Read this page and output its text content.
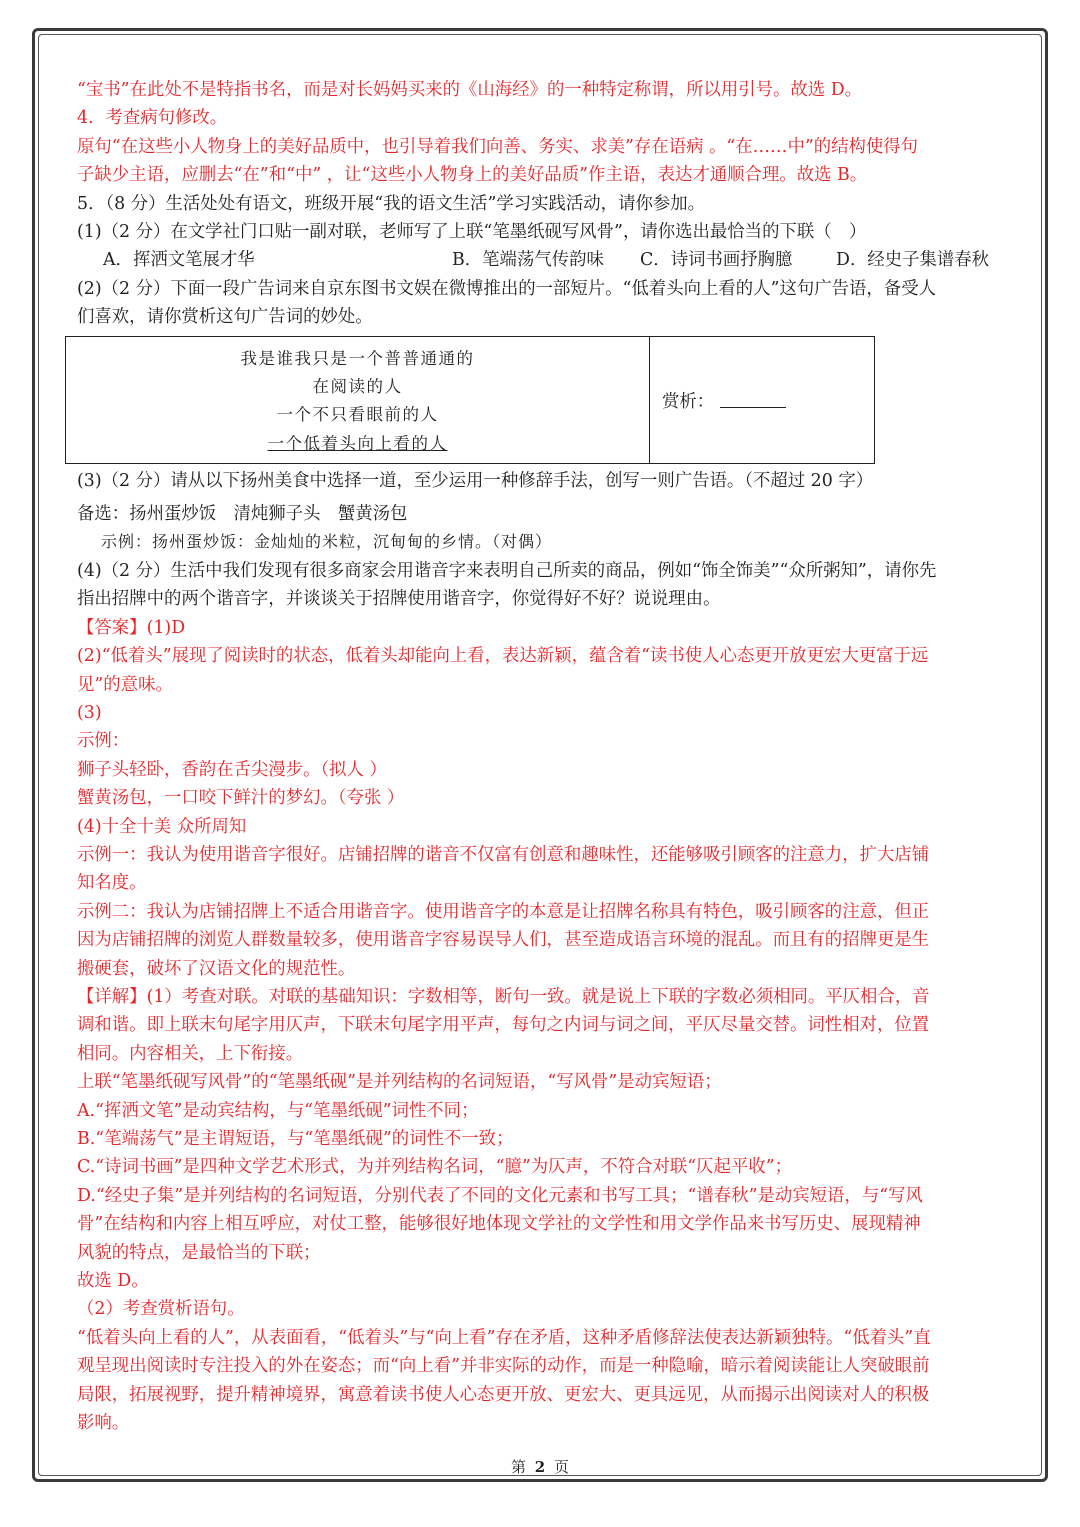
“宝书”在此处不是特指书名，而是对长妈妈买来的《山海经》的一种特定称谓，所以用引号。故选 D。
4．考查病句修改。
原句“在这些小人物身上的美好品质中，也引导着我们向善、务实、求美”存在语病 。“在……中”的结构使得句
子缺少主语，应删去“在”和“中” ，让“这些小人物身上的美好品质”作主语，表达才通顺合理。故选 B。
5．（8 分）生活处处有语文，班级开展“我的语文生活”学习实践活动，请你参加。
(1)（2 分）在文学社门口贴一副对联，老师写了上联“笔墨纸砚写风骨”，请你选出最恰当的下联（　）
A．挥洒文笔展才华	B．笔端荡气传韵味	C．诗词书画抒胸臆	D．经史子集谱春秋
(2)（2 分）下面一段广告词来自京东图书文娱在微博推出的一部短片。“低着头向上看的人”这句广告语，备受人
们喜欢，请你赏析这句广告词的妙处。
我是谁我只是一个普普通通的
在阅读的人
一个不只看眼前的人
一个低着头向上看的人
赏析：
(3)（2 分）请从以下扬州美食中选择一道，至少运用一种修辞手法，创写一则广告语。（不超过 20 字）
备选：扬州蛋炒饭　清炖狮子头　蟹黄汤包
示例：扬州蛋炒饭：金灿灿的米粒，沉甸甸的乡情。（对偶）
(4)（2 分）生活中我们发现有很多商家会用谐音字来表明自己所卖的商品，例如“饰全饰美”“众所粥知”，请你先
指出招牌中的两个谐音字，并谈谈关于招牌使用谐音字，你觉得好不好？说说理由。
【答案】(1)D
(2)“低着头”展现了阅读时的状态，低着头却能向上看，表达新颖，蕴含着“读书使人心态更开放更宏大更富于远
见”的意味。
(3)
示例：
狮子头轻卧，香韵在舌尖漫步。（拟人 ）
蟹黄汤包，一口咬下鲜汁的梦幻。（夸张 ）
(4)十全十美 众所周知
示例一：我认为使用谐音字很好。店铺招牌的谐音不仅富有创意和趣味性，还能够吸引顾客的注意力，扩大店铺
知名度。
示例二：我认为店铺招牌上不适合用谐音字。使用谐音字的本意是让招牌名称具有特色，吸引顾客的注意，但正
因为店铺招牌的浏览人群数量较多，使用谐音字容易误导人们，甚至造成语言环境的混乱。而且有的招牌更是生
搬硬套，破坏了汉语文化的规范性。
【详解】(1）考查对联。对联的基础知识：字数相等，断句一致。就是说上下联的字数必须相同。平仄相合，音
调和谐。即上联末句尾字用仄声，下联末句尾字用平声，每句之内词与词之间，平仄尽量交替。词性相对，位置
相同。内容相关，上下衔接。
上联“笔墨纸砚写风骨”的“笔墨纸砚”是并列结构的名词短语，“写风骨”是动宾短语；
A.“挥洒文笔”是动宾结构，与“笔墨纸砚”词性不同；
B.“笔端荡气”是主谓短语，与“笔墨纸砚”的词性不一致；
C.“诗词书画”是四种文学艺术形式，为并列结构名词，“臆”为仄声，不符合对联“仄起平收”；
D.“经史子集”是并列结构的名词短语，分别代表了不同的文化元素和书写工具；“谱春秋”是动宾短语，与“写风
骨”在结构和内容上相互呼应，对仗工整，能够很好地体现文学社的文学性和用文学作品来书写历史、展现精神
风貌的特点，是最恰当的下联；
故选 D。
（2）考查赏析语句。
“低着头向上看的人”，从表面看，“低着头”与“向上看”存在矛盾，这种矛盾修辞法使表达新颖独特。“低着头”直
观呈现出阅读时专注投入的外在姿态；而“向上看”并非实际的动作，而是一种隐喻，暗示着阅读能让人突破眼前
局限，拓展视野，提升精神境界，寓意着读书使人心态更开放、更宏大、更具远见，从而揭示出阅读对人的积极
影响。
第 2 页
